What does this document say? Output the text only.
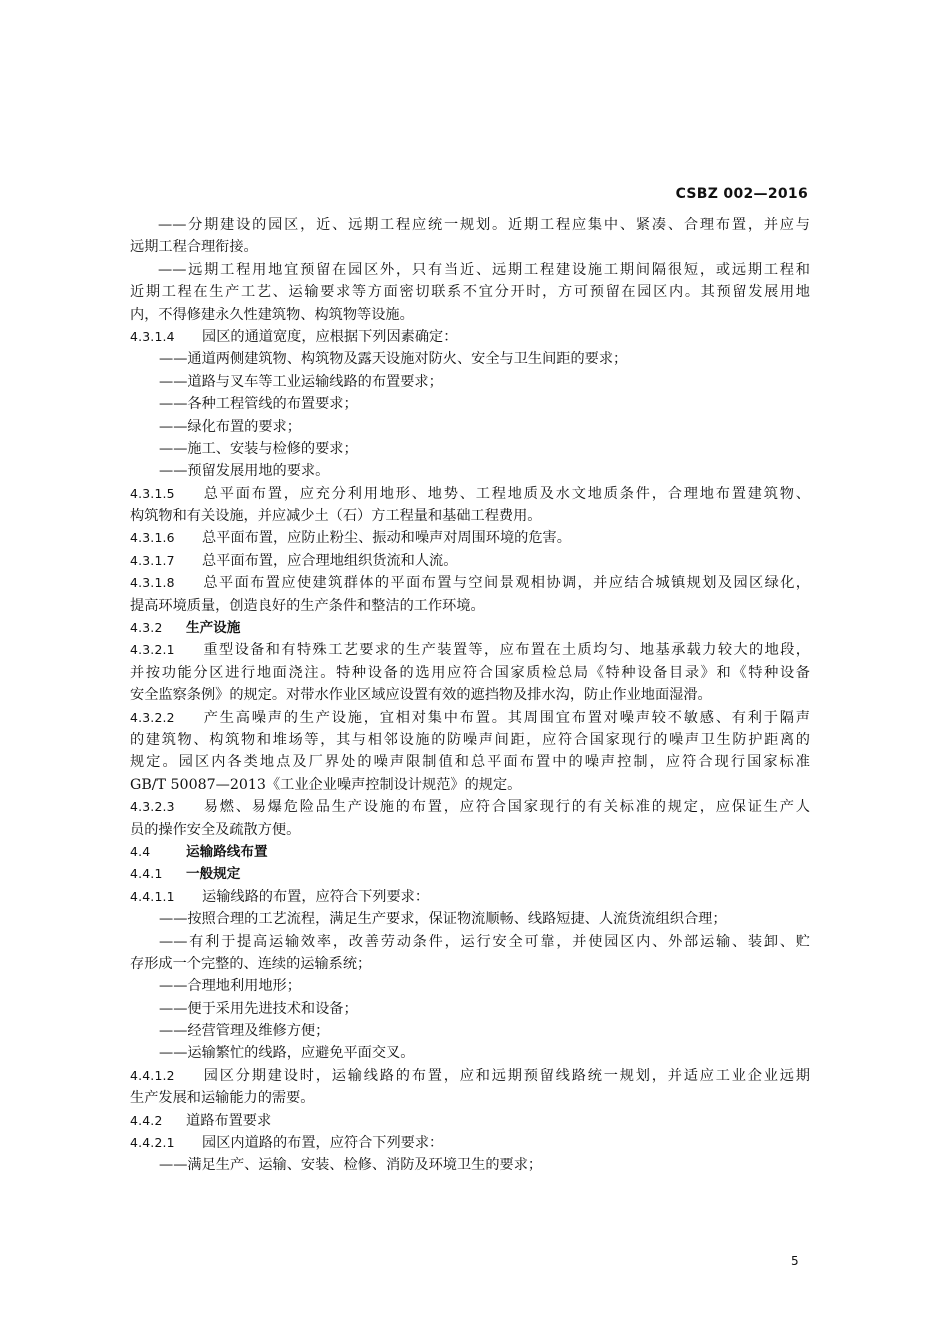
CSBZ 002—2016

——分期建设的园区，近、远期工程应统一规划。近期工程应集中、紧凑、合理布置，并应与

远期工程合理衔接。

——远期工程用地宜预留在园区外，只有当近、远期工程建设施工期间隔很短，或远期工程和

近期工程在生产工艺、运输要求等方面密切联系不宜分开时，方可预留在园区内。其预留发展用地

内，不得修建永久性建筑物、构筑物等设施。

4.3.1.4 园区的通道宽度，应根据下列因素确定：

——通道两侧建筑物、构筑物及露天设施对防火、安全与卫生间距的要求；

——道路与叉车等工业运输线路的布置要求；

——各种工程管线的布置要求；

——绿化布置的要求；

——施工、安装与检修的要求；

——预留发展用地的要求。

4.3.1.5 总平面布置，应充分利用地形、地势、工程地质及水文地质条件，合理地布置建筑物、

构筑物和有关设施，并应减少土（石）方工程量和基础工程费用。

4.3.1.6 总平面布置，应防止粉尘、振动和噪声对周围环境的危害。

4.3.1.7 总平面布置，应合理地组织货流和人流。

4.3.1.8 总平面布置应使建筑群体的平面布置与空间景观相协调，并应结合城镇规划及园区绿化，

提高环境质量，创造良好的生产条件和整洁的工作环境。

4.3.2 生产设施

4.3.2.1 重型设备和有特殊工艺要求的生产装置等，应布置在土质均匀、地基承载力较大的地段，

并按功能分区进行地面浇注。特种设备的选用应符合国家质检总局《特种设备目录》和《特种设备

安全监察条例》的规定。对带水作业区域应设置有效的遮挡物及排水沟，防止作业地面湿滑。

4.3.2.2 产生高噪声的生产设施，宜相对集中布置。其周围宜布置对噪声较不敏感、有利于隔声

的建筑物、构筑物和堆场等，其与相邻设施的防噪声间距，应符合国家现行的噪声卫生防护距离的

规定。园区内各类地点及厂界处的噪声限制值和总平面布置中的噪声控制，应符合现行国家标准

GB/T 50087—2013《工业企业噪声控制设计规范》的规定。

4.3.2.3 易燃、易爆危险品生产设施的布置，应符合国家现行的有关标准的规定，应保证生产人

员的操作安全及疏散方便。

4.4	运输路线布置

4.4.1 一般规定

4.4.1.1 运输线路的布置，应符合下列要求：

——按照合理的工艺流程，满足生产要求，保证物流顺畅、线路短捷、人流货流组织合理；

——有利于提高运输效率，改善劳动条件，运行安全可靠，并使园区内、外部运输、装卸、贮

存形成一个完整的、连续的运输系统；

——合理地利用地形；

——便于采用先进技术和设备；

——经营管理及维修方便；

——运输繁忙的线路，应避免平面交叉。

4.4.1.2 园区分期建设时，运输线路的布置，应和远期预留线路统一规划，并适应工业企业远期

生产发展和运输能力的需要。

4.4.2 道路布置要求

4.4.2.1 园区内道路的布置，应符合下列要求：

——满足生产、运输、安装、检修、消防及环境卫生的要求；

5
